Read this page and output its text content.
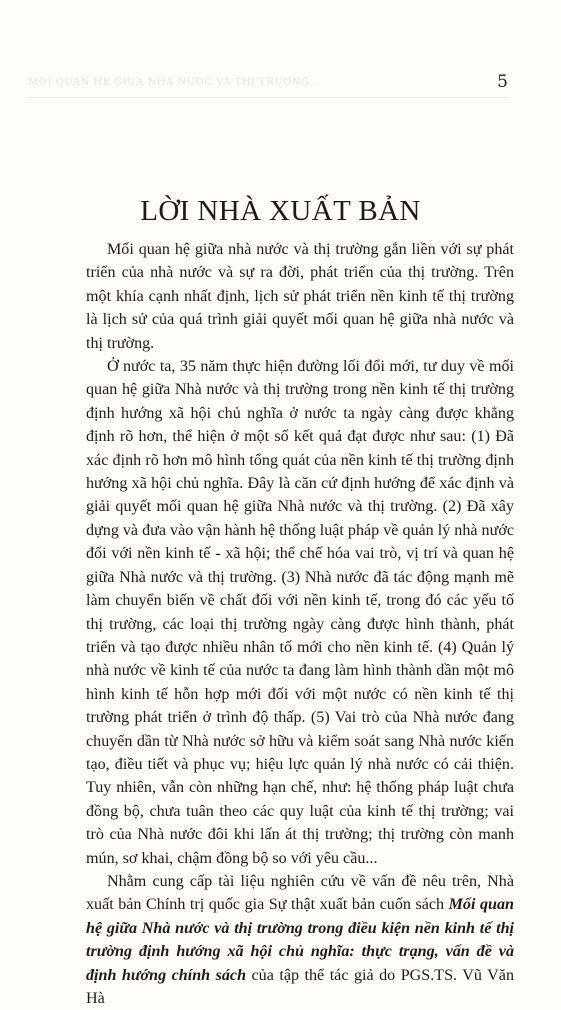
MỐI QUAN HỆ GIỮA NHÀ NƯỚC VÀ THỊ TRƯỜNG...	5
LỜI NHÀ XUẤT BẢN

Mối quan hệ giữa nhà nước và thị trường gắn liền với sự phát triển của nhà nước và sự ra đời, phát triển của thị trường. Trên một khía cạnh nhất định, lịch sử phát triển nền kinh tế thị trường là lịch sử của quá trình giải quyết mối quan hệ giữa nhà nước và thị trường.

Ở nước ta, 35 năm thực hiện đường lối đổi mới, tư duy về mối quan hệ giữa Nhà nước và thị trường trong nền kinh tế thị trường định hướng xã hội chủ nghĩa ở nước ta ngày càng được khẳng định rõ hơn, thể hiện ở một số kết quả đạt được như sau: (1) Đã xác định rõ hơn mô hình tổng quát của nền kinh tế thị trường định hướng xã hội chủ nghĩa. Đây là căn cứ định hướng để xác định và giải quyết mối quan hệ giữa Nhà nước và thị trường. (2) Đã xây dựng và đưa vào vận hành hệ thống luật pháp về quản lý nhà nước đối với nền kinh tế - xã hội; thể chế hóa vai trò, vị trí và quan hệ giữa Nhà nước và thị trường. (3) Nhà nước đã tác động mạnh mẽ làm chuyển biến về chất đối với nền kinh tế, trong đó các yếu tố thị trường, các loại thị trường ngày càng được hình thành, phát triển và tạo được nhiều nhân tố mới cho nền kinh tế. (4) Quản lý nhà nước về kinh tế của nước ta đang làm hình thành dần một mô hình kinh tế hỗn hợp mới đối với một nước có nền kinh tế thị trường phát triển ở trình độ thấp. (5) Vai trò của Nhà nước đang chuyển dần từ Nhà nước sở hữu và kiểm soát sang Nhà nước kiến tạo, điều tiết và phục vụ; hiệu lực quản lý nhà nước có cải thiện. Tuy nhiên, vẫn còn những hạn chế, như: hệ thống pháp luật chưa đồng bộ, chưa tuân theo các quy luật của kinh tế thị trường; vai trò của Nhà nước đôi khi lấn át thị trường; thị trường còn manh mún, sơ khai, chậm đồng bộ so với yêu cầu...

Nhằm cung cấp tài liệu nghiên cứu về vấn đề nêu trên, Nhà xuất bản Chính trị quốc gia Sự thật xuất bản cuốn sách Mối quan hệ giữa Nhà nước và thị trường trong điều kiện nền kinh tế thị trường định hướng xã hội chủ nghĩa: thực trạng, vấn đề và định hướng chính sách của tập thể tác giả do PGS.TS. Vũ Văn Hà
